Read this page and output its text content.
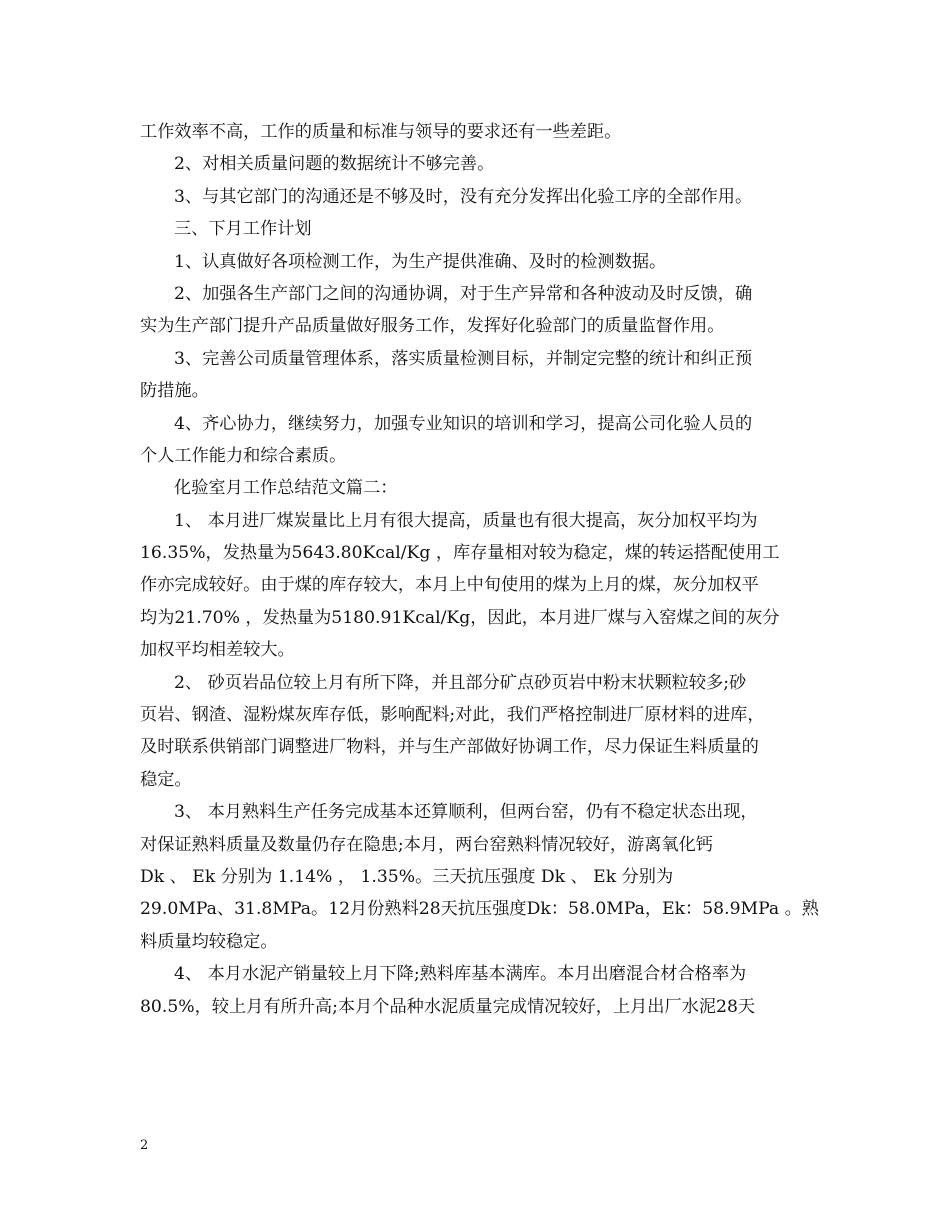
工作效率不高，工作的质量和标准与领导的要求还有一些差距。
2、对相关质量问题的数据统计不够完善。
3、与其它部门的沟通还是不够及时，没有充分发挥出化验工序的全部作用。
三、下月工作计划
1、认真做好各项检测工作，为生产提供准确、及时的检测数据。
2、加强各生产部门之间的沟通协调，对于生产异常和各种波动及时反馈，确
实为生产部门提升产品质量做好服务工作，发挥好化验部门的质量监督作用。
3、完善公司质量管理体系，落实质量检测目标，并制定完整的统计和纠正预
防措施。
4、齐心协力，继续努力，加强专业知识的培训和学习，提高公司化验人员的
个人工作能力和综合素质。
化验室月工作总结范文篇二：
1、 本月进厂煤炭量比上月有很大提高，质量也有很大提高，灰分加权平均为
16.35%，发热量为5643.80Kcal/Kg ，库存量相对较为稳定，煤的转运搭配使用工
作亦完成较好。由于煤的库存较大，本月上中旬使用的煤为上月的煤，灰分加权平
均为21.70% ，发热量为5180.91Kcal/Kg，因此，本月进厂煤与入窑煤之间的灰分
加权平均相差较大。
2、 砂页岩品位较上月有所下降，并且部分矿点砂页岩中粉末状颗粒较多;砂
页岩、钢渣、湿粉煤灰库存低，影响配料;对此，我们严格控制进厂原材料的进库，
及时联系供销部门调整进厂物料，并与生产部做好协调工作，尽力保证生料质量的
稳定。
3、 本月熟料生产任务完成基本还算顺利，但两台窑，仍有不稳定状态出现，
对保证熟料质量及数量仍存在隐患;本月，两台窑熟料情况较好，游离氧化钙
Dk 、 Ek 分别为 1.14% ， 1.35%。三天抗压强度 Dk 、 Ek 分别为
29.0MPa、31.8MPa。12月份熟料28天抗压强度Dk：58.0MPa，Ek：58.9MPa 。熟
料质量均较稳定。
4、 本月水泥产销量较上月下降;熟料库基本满库。本月出磨混合材合格率为
80.5%，较上月有所升高;本月个品种水泥质量完成情况较好，上月出厂水泥28天
2
